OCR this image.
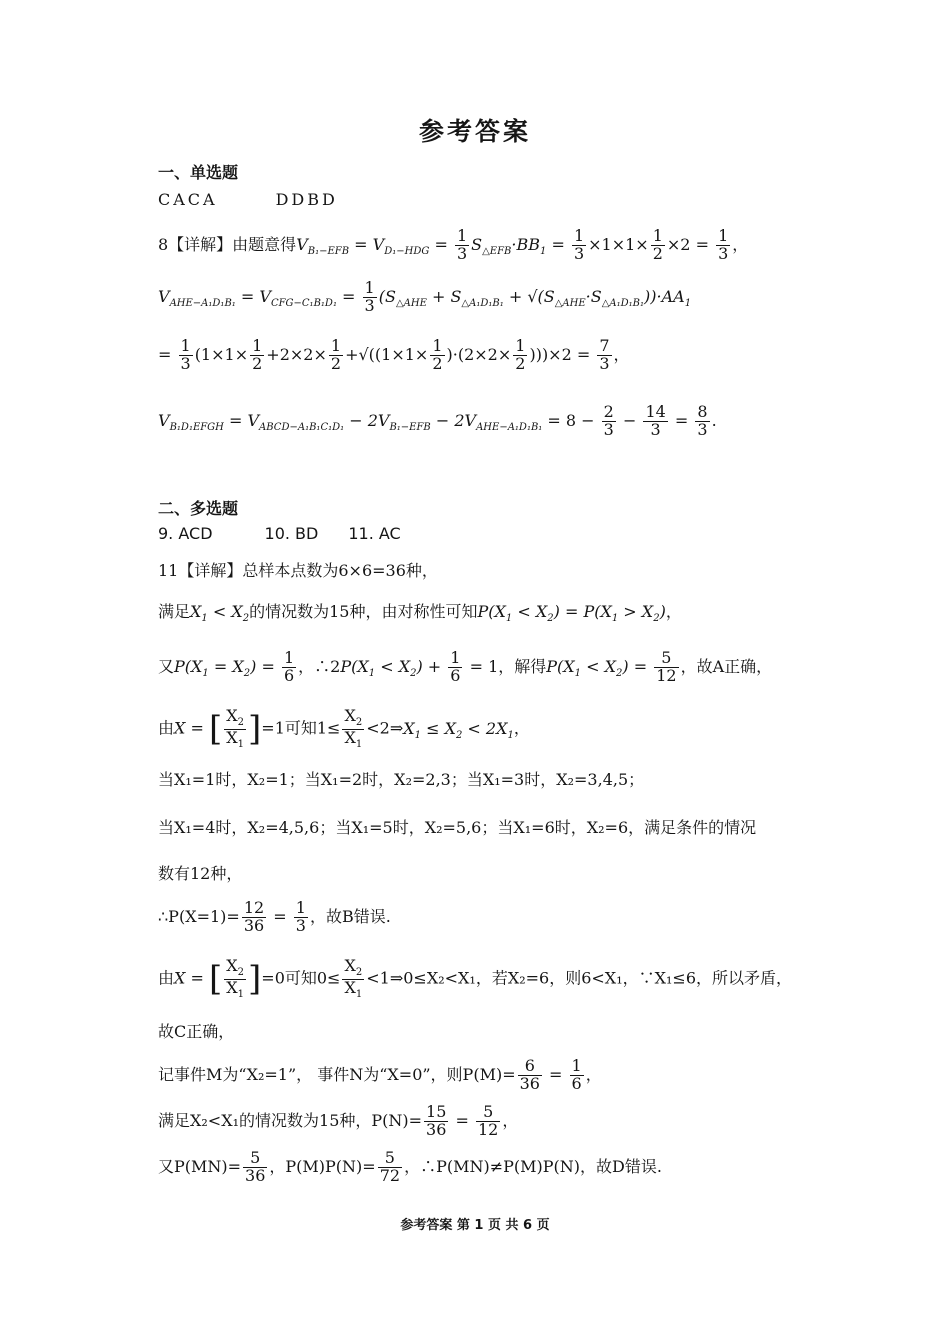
参考答案
一、单选题
CACA	DDBD
8【详解】由题意得$V_{B_1-EFB} = V_{D_1-HDG} = \frac{1}{3} S_{\triangle EFB}\cdot BB_1 = \frac{1}{3} \times 1\times 1\times \frac{1}{2} \times 2 = \frac{1}{3}$ ，
$V_{AHE-A_1D_1B_1} = V_{CFG-C_1B_1D_1} = \frac{1}{3} (S_{\triangle AHE} + S_{\triangle A_1D_1B_1} + √(S_{\triangle AHE}\cdot S_{\triangle A_1D_1B_1}))\cdot AA_1$
= $\frac{1}{3} (1\times 1\times \frac{1}{2} +2\times 2\times \frac{1}{2} +√((1\times 1\times \frac{1}{2} )\cdot(2\times 2\times \frac{1}{2} )))\times 2 = \frac{7}{3}$ ，
$V_{B_1D_1EFGH} = V_{ABCD-A_1B_1C_1D_1} - 2V_{B_1-EFB} - 2V_{AHE-A_1D_1B_1} = 8 - \frac{2}{3} - \frac{14}{3} = \frac{8}{3}$ .
二、多选题
9. ACD	10. BD 11. AC
11【详解】总样本点数为6×6=36种，
满足$X_1 < X_2$的情况数为15种，由对称性可知$P(X_1 < X_2) = P(X_1 > X_2)$，
又$P(X_1 = X_2) = \frac{1}{6}$ ，$\therefore 2P(X_1 < X_2) + \frac{1}{6} = 1$，解得$P(X_1 < X_2) = \frac{5}{12}$ ，故A正确，
由X = [ $\frac{X_2}{X_1} ]=1$可知$1\le \frac{X_2}{X_1}$ $<2\Rightarrow X_1 \le X_2 < 2X_1$，
当X₁=1时，X₂=1；当X₁=2时，X₂=2,3；当X₁=3时，X₂=3,4,5；
当X₁=4时，X₂=4,5,6；当X₁=5时，X₂=5,6；当X₁=6时，X₂=6，满足条件的情况
数有12种，
∴P(X=1)= $\frac{12}{36} = \frac{1}{3}$ ，故B错误.
由X = [ $\frac{X_2}{X_1} ]=0$可知$0\le \frac{X_2}{X_1}$ <1⇒0≤X₂<X₁，若X₂=6，则6<X₁，∵X₁≤6，所以矛盾，
故C正确，
记事件M为“X₂=1”， 事件N为“X=0”，则$P(M)= \frac{6}{36} = \frac{1}{6}$ ，
满足X₂<X₁的情况数为15种，$P(N)= \frac{15}{36} = \frac{5}{12}$ ，
又$P(MN)= \frac{5}{36}$ ，$P(M)P(N)= \frac{5}{72}$ ，∴P(MN)≠P(M)P(N)，故D错误.
参考答案 第 1 页 共 6 页
